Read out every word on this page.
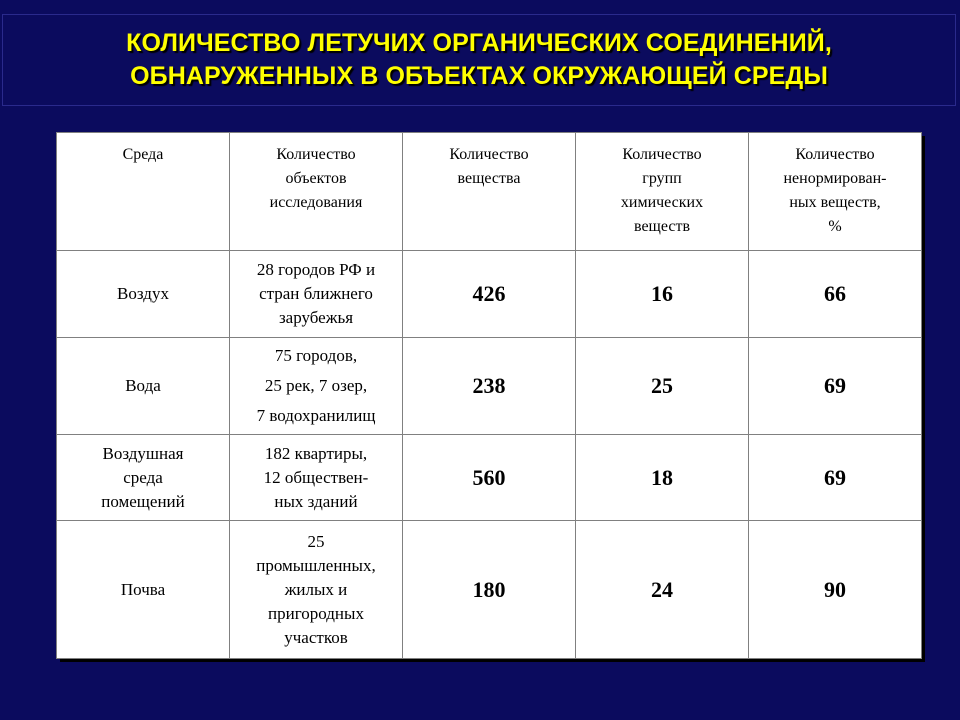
КОЛИЧЕСТВО ЛЕТУЧИХ ОРГАНИЧЕСКИХ СОЕДИНЕНИЙ,
ОБНАРУЖЕННЫХ В ОБЪЕКТАХ ОКРУЖАЮЩЕЙ СРЕДЫ
Среда	Количество
объектов
исследования	Количество
вещества	Количество
групп
химических
веществ	Количество
ненормирован-
ных веществ,
%

Воздух	28 городов РФ и
стран ближнего
зарубежья	426	16	66

Вода	75 городов,
25 рек, 7 озер,
7 водохранилищ	238	25	69

Воздушная
среда
помещений	182 квартиры,
12 обществен-
ных зданий	560	18	69

Почва	25
промышленных,
жилых и
пригородных
участков	180	24	90
